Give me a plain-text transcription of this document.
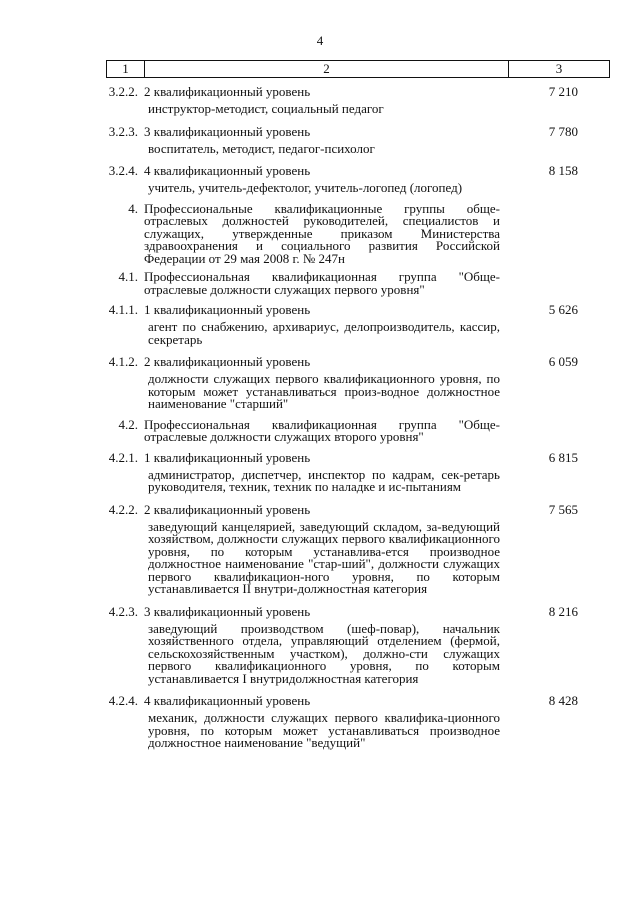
4
1	2	3
3.2.2. 2 квалификационный уровень	7 210
инструктор-методист, социальный педагог
3.2.3. 3 квалификационный уровень	7 780
воспитатель, методист, педагог-психолог
3.2.4. 4 квалификационный уровень	8 158
учитель, учитель-дефектолог, учитель-логопед (логопед)
4. Профессиональные квалификационные группы обще-отраслевых должностей руководителей, специалистов и служащих, утвержденные приказом Министерства здравоохранения и социального развития Российской Федерации от 29 мая 2008 г. № 247н
4.1. Профессиональная квалификационная группа "Обще-отраслевые должности служащих первого уровня"
4.1.1. 1 квалификационный уровень	5 626
агент по снабжению, архивариус, делопроизводитель, кассир, секретарь
4.1.2. 2 квалификационный уровень	6 059
должности служащих первого квалификационного уровня, по которым может устанавливаться произ-водное должностное наименование "старший"
4.2. Профессиональная квалификационная группа "Обще-отраслевые должности служащих второго уровня"
4.2.1. 1 квалификационный уровень	6 815
администратор, диспетчер, инспектор по кадрам, сек-ретарь руководителя, техник, техник по наладке и ис-пытаниям
4.2.2. 2 квалификационный уровень	7 565
заведующий канцелярией, заведующий складом, за-ведующий хозяйством, должности служащих первого квалификационного уровня, по которым устанавлива-ется производное должностное наименование "стар-ший", должности служащих первого квалификацион-ного уровня, по которым устанавливается II внутри-должностная категория
4.2.3. 3 квалификационный уровень	8 216
заведующий производством (шеф-повар), начальник хозяйственного отдела, управляющий отделением (фермой, сельскохозяйственным участком), должно-сти служащих первого квалификационного уровня, по которым устанавливается I внутридолжностная категория
4.2.4. 4 квалификационный уровень	8 428
механик, должности служащих первого квалифика-ционного уровня, по которым может устанавливаться производное должностное наименование "ведущий"
